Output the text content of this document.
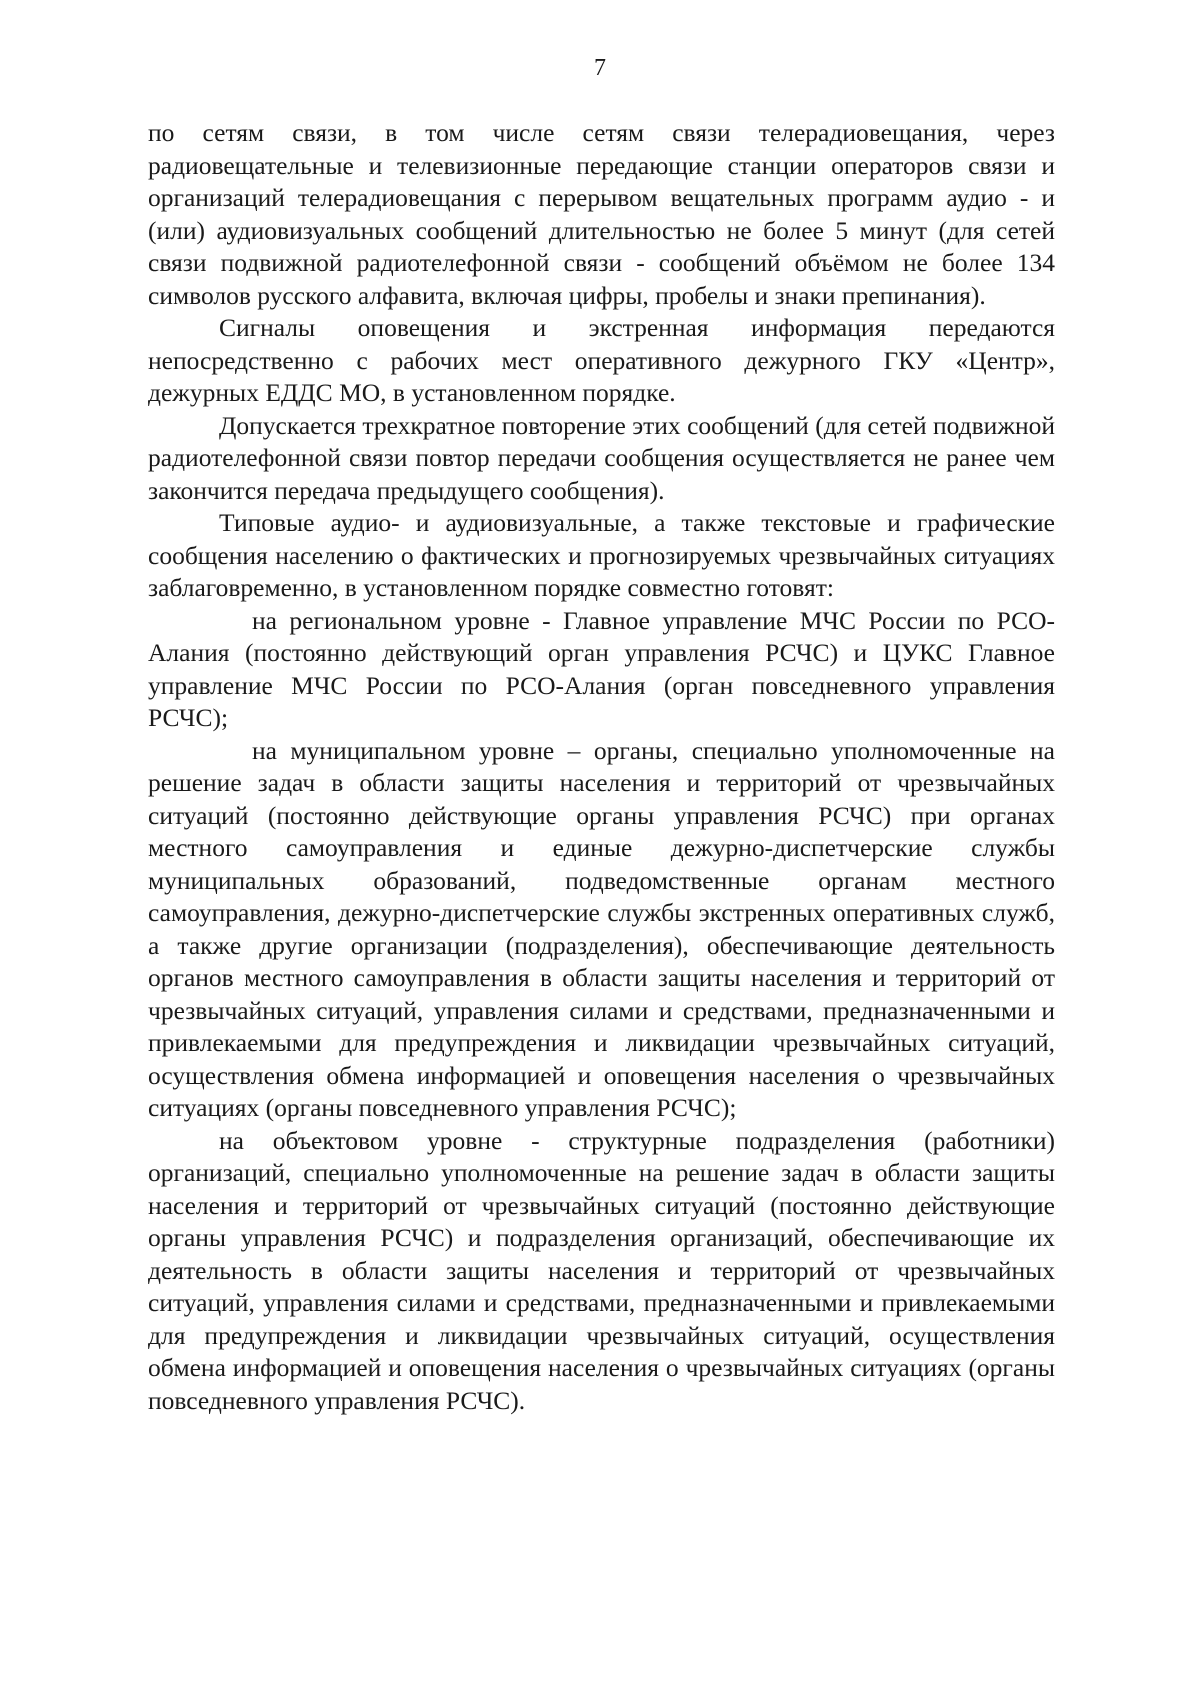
7

по сетям связи, в том числе сетям связи телерадиовещания, через радиовещательные и телевизионные передающие станции операторов связи и организаций телерадиовещания с перерывом вещательных программ аудио - и (или) аудиовизуальных сообщений длительностью не более 5 минут (для сетей связи подвижной радиотелефонной связи - сообщений объёмом не более 134 символов русского алфавита, включая цифры, пробелы и знаки препинания).

Сигналы оповещения и экстренная информация передаются непосредственно с рабочих мест оперативного дежурного ГКУ «Центр», дежурных ЕДДС МО, в установленном порядке.

Допускается трехкратное повторение этих сообщений (для сетей подвижной радиотелефонной связи повтор передачи сообщения осуществляется не ранее чем закончится передача предыдущего сообщения).

Типовые аудио- и аудиовизуальные, а также текстовые и графические сообщения населению о фактических и прогнозируемых чрезвычайных ситуациях заблаговременно, в установленном порядке совместно готовят:

на региональном уровне - Главное управление МЧС России по РСО-Алания (постоянно действующий орган управления РСЧС) и ЦУКС Главное управление МЧС России по РСО-Алания (орган повседневного управления РСЧС);

на муниципальном уровне – органы, специально уполномоченные на решение задач в области защиты населения и территорий от чрезвычайных ситуаций (постоянно действующие органы управления РСЧС) при органах местного самоуправления и единые дежурно-диспетчерские службы муниципальных образований, подведомственные органам местного самоуправления, дежурно-диспетчерские службы экстренных оперативных служб, а также другие организации (подразделения), обеспечивающие деятельность органов местного самоуправления в области защиты населения и территорий от чрезвычайных ситуаций, управления силами и средствами, предназначенными и привлекаемыми для предупреждения и ликвидации чрезвычайных ситуаций, осуществления обмена информацией и оповещения населения о чрезвычайных ситуациях (органы повседневного управления РСЧС);

на объектовом уровне - структурные подразделения (работники) организаций, специально уполномоченные на решение задач в области защиты населения и территорий от чрезвычайных ситуаций (постоянно действующие органы управления РСЧС) и подразделения организаций, обеспечивающие их деятельность в области защиты населения и территорий от чрезвычайных ситуаций, управления силами и средствами, предназначенными и привлекаемыми для предупреждения и ликвидации чрезвычайных ситуаций, осуществления обмена информацией и оповещения населения о чрезвычайных ситуациях (органы повседневного управления РСЧС).
